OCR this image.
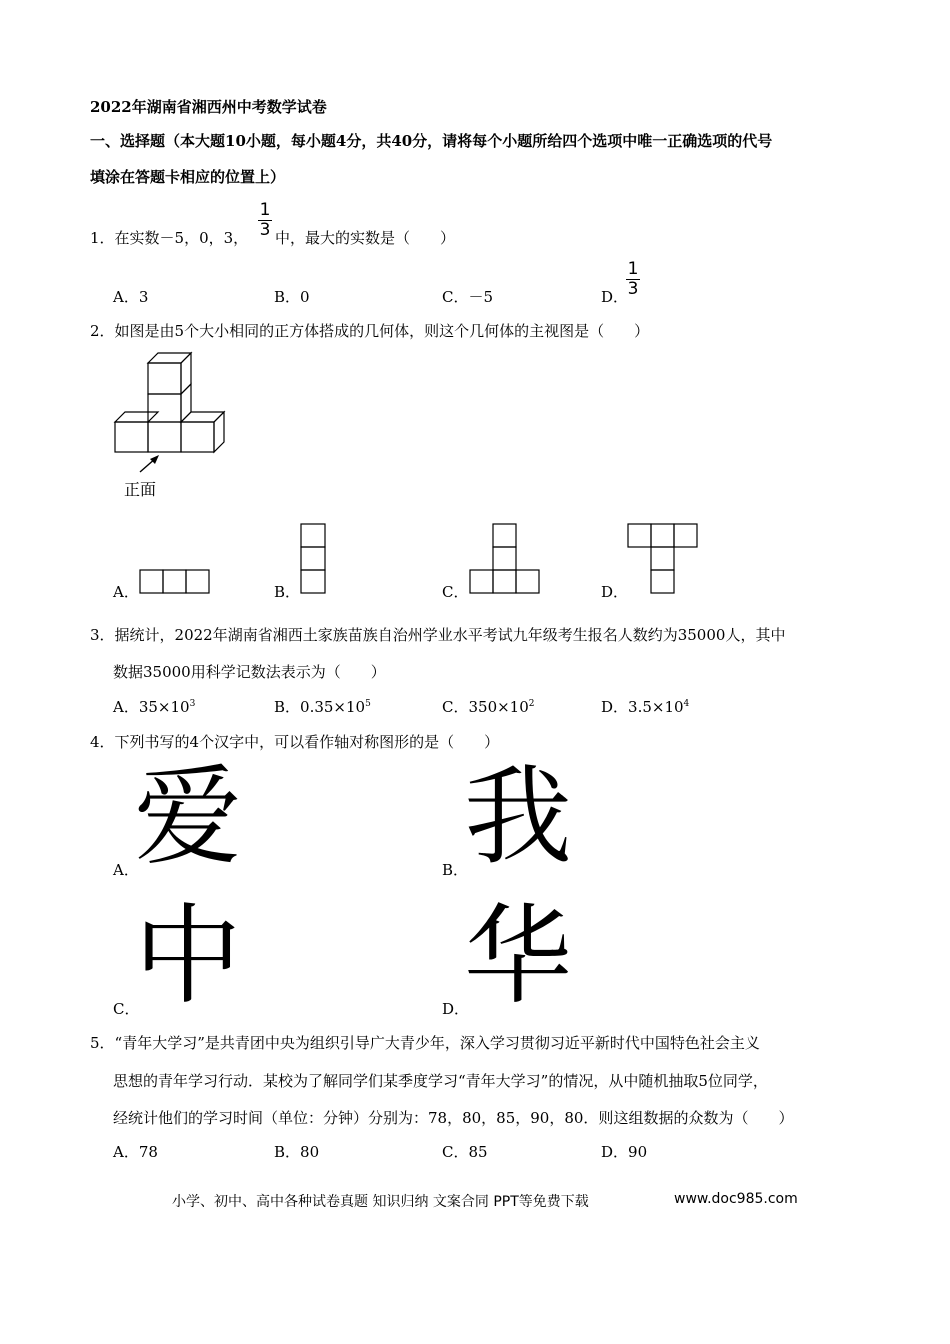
2022年湖南省湘西州中考数学试卷
一、选择题（本大题10小题，每小题4分，共40分，请将每个小题所给四个选项中唯一正确选项的代号
填涂在答题卡相应的位置上）
1．在实数－5，0，3，
1
3 中，最大的实数是（　　）
A．3	B．0	C．－5	D．
1
3
2．如图是由5个大小相同的正方体搭成的几何体，则这个几何体的主视图是（　　）
正面
A．	B．	C．	D．
3．据统计，2022年湖南省湘西土家族苗族自治州学业水平考试九年级考生报名人数约为35000人，其中
数据35000用科学记数法表示为（　　）
A．$35\times 10^3$	B．$0.35\times 10^5$	C．$350\times 10^2$	D．$3.5\times 10^4$
4．下列书写的4个汉字中，可以看作轴对称图形的是（　　）
A．
爱	B．
我
C．
中	D．
华
5．“青年大学习”是共青团中央为组织引导广大青少年，深入学习贯彻习近平新时代中国特色社会主义
思想的青年学习行动．某校为了解同学们某季度学习“青年大学习”的情况，从中随机抽取5位同学，
经统计他们的学习时间（单位：分钟）分别为：78，80，85，90，80．则这组数据的众数为（　　）
A．78	B．80	C．85	D．90
小学、初中、高中各种试卷真题 知识归纳 文案合同 PPT等免费下载	www.doc985.com
